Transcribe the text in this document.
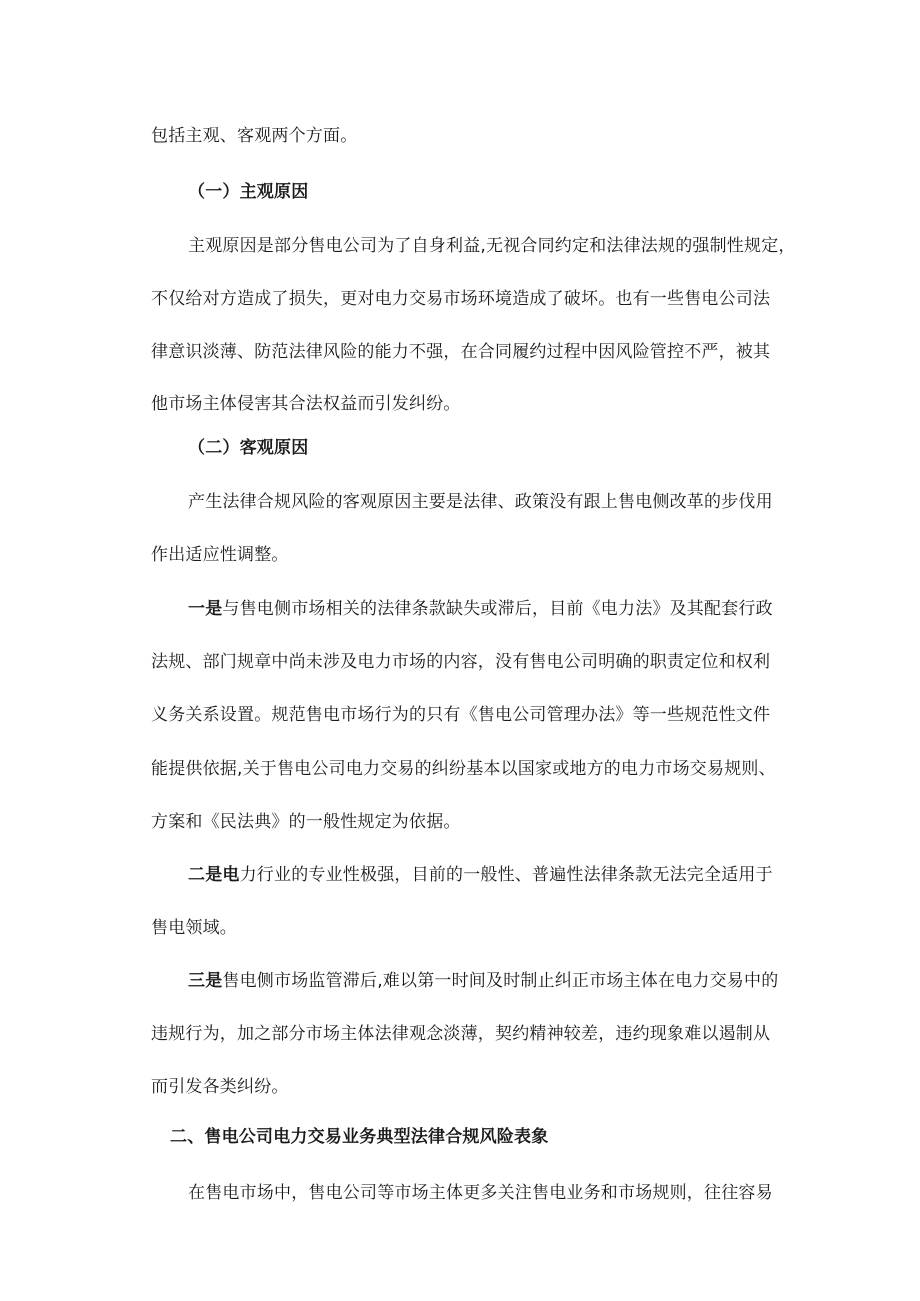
包括主观、客观两个方面。
（一）主观原因
主观原因是部分售电公司为了自身利益,无视合同约定和法律法规的强制性规定，
不仅给对方造成了损失，更对电力交易市场环境造成了破坏。也有一些售电公司法
律意识淡薄、防范法律风险的能力不强，在合同履约过程中因风险管控不严，被其
他市场主体侵害其合法权益而引发纠纷。
（二）客观原因
产生法律合规风险的客观原因主要是法律、政策没有跟上售电侧改革的步伐用
作出适应性调整。
一是与售电侧市场相关的法律条款缺失或滞后，目前《电力法》及其配套行政
法规、部门规章中尚未涉及电力市场的内容，没有售电公司明确的职责定位和权利
义务关系设置。规范售电市场行为的只有《售电公司管理办法》等一些规范性文件
能提供依据,关于售电公司电力交易的纠纷基本以国家或地方的电力市场交易规则、
方案和《民法典》的一般性规定为依据。
二是电力行业的专业性极强，目前的一般性、普遍性法律条款无法完全适用于
售电领域。
三是售电侧市场监管滞后,难以第一时间及时制止纠正市场主体在电力交易中的
违规行为，加之部分市场主体法律观念淡薄，契约精神较差，违约现象难以遏制从
而引发各类纠纷。
二、售电公司电力交易业务典型法律合规风险表象
在售电市场中，售电公司等市场主体更多关注售电业务和市场规则，往往容易
